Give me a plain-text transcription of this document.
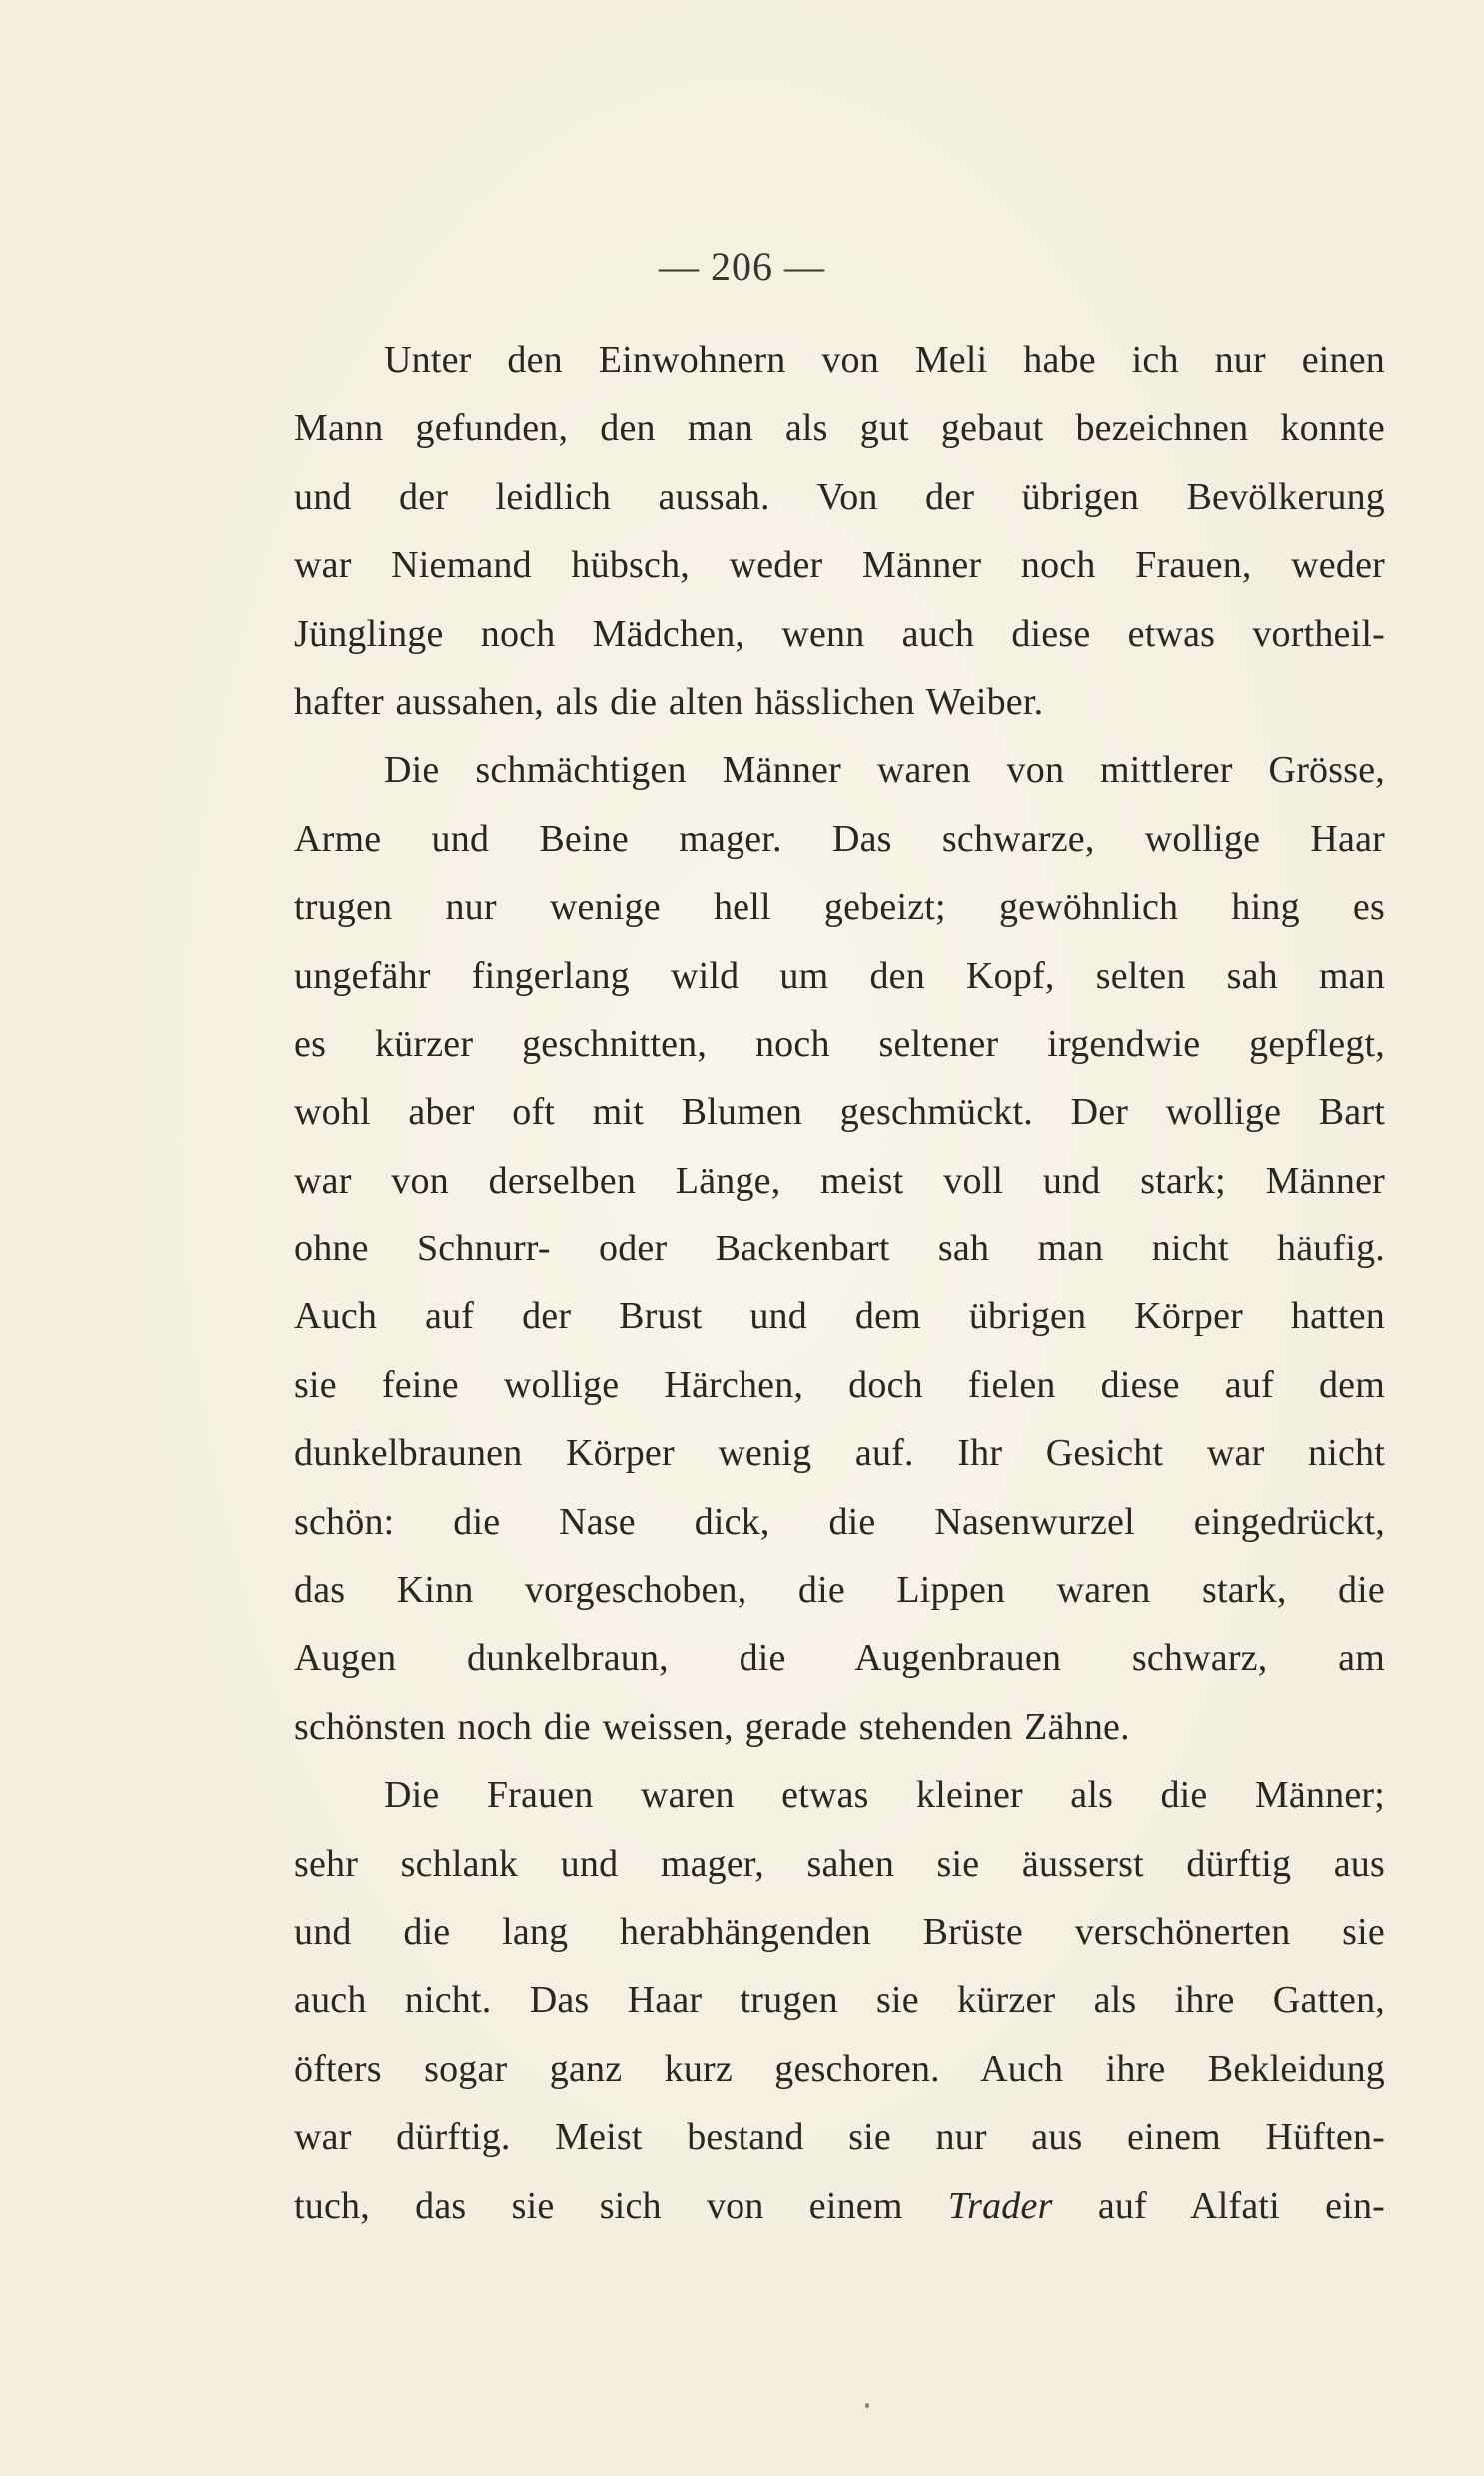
— 206 —
Unter den Einwohnern von Meli habe ich nur einen
Mann gefunden, den man als gut gebaut bezeichnen konnte
und der leidlich aussah. Von der übrigen Bevölkerung
war Niemand hübsch, weder Männer noch Frauen, weder
Jünglinge noch Mädchen, wenn auch diese etwas vortheil-
hafter aussahen, als die alten hässlichen Weiber.
Die schmächtigen Männer waren von mittlerer Grösse,
Arme und Beine mager. Das schwarze, wollige Haar
trugen nur wenige hell gebeizt; gewöhnlich hing es
ungefähr fingerlang wild um den Kopf, selten sah man
es kürzer geschnitten, noch seltener irgendwie gepflegt,
wohl aber oft mit Blumen geschmückt. Der wollige Bart
war von derselben Länge, meist voll und stark; Männer
ohne Schnurr- oder Backenbart sah man nicht häufig.
Auch auf der Brust und dem übrigen Körper hatten
sie feine wollige Härchen, doch fielen diese auf dem
dunkelbraunen Körper wenig auf. Ihr Gesicht war nicht
schön: die Nase dick, die Nasenwurzel eingedrückt,
das Kinn vorgeschoben, die Lippen waren stark, die
Augen dunkelbraun, die Augenbrauen schwarz, am
schönsten noch die weissen, gerade stehenden Zähne.
Die Frauen waren etwas kleiner als die Männer;
sehr schlank und mager, sahen sie äusserst dürftig aus
und die lang herabhängenden Brüste verschönerten sie
auch nicht. Das Haar trugen sie kürzer als ihre Gatten,
öfters sogar ganz kurz geschoren. Auch ihre Bekleidung
war dürftig. Meist bestand sie nur aus einem Hüften-
tuch, das sie sich von einem Trader auf Alfati ein-
